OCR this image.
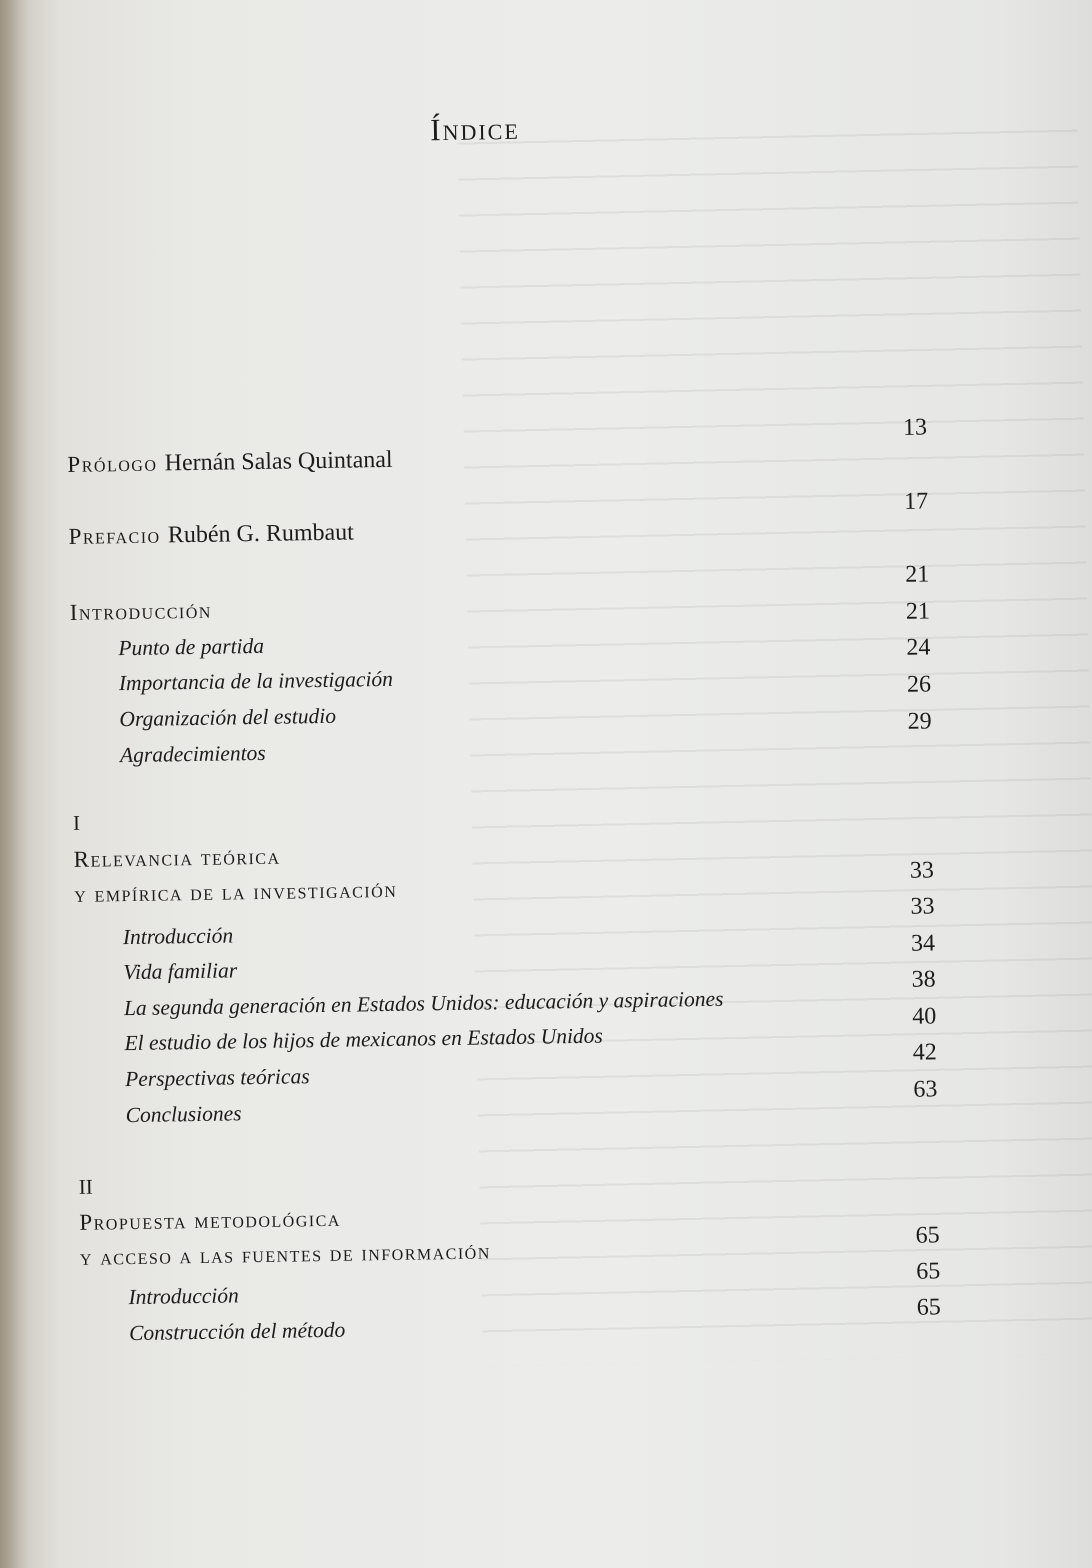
Índice
13
Prólogo Hernán Salas Quintanal
17
Prefacio Rubén G. Rumbaut
21
Introducción
Punto de partida
21
Importancia de la investigación
24
Organización del estudio
26
Agradecimientos
29
I
Relevancia teórica
y empírica de la investigación
33
Introducción
33
Vida familiar
34
La segunda generación en Estados Unidos: educación y aspiraciones
38
El estudio de los hijos de mexicanos en Estados Unidos
40
Perspectivas teóricas
42
Conclusiones
63
II
Propuesta metodológica
y acceso a las fuentes de información
65
Introducción
65
Construcción del método
65
